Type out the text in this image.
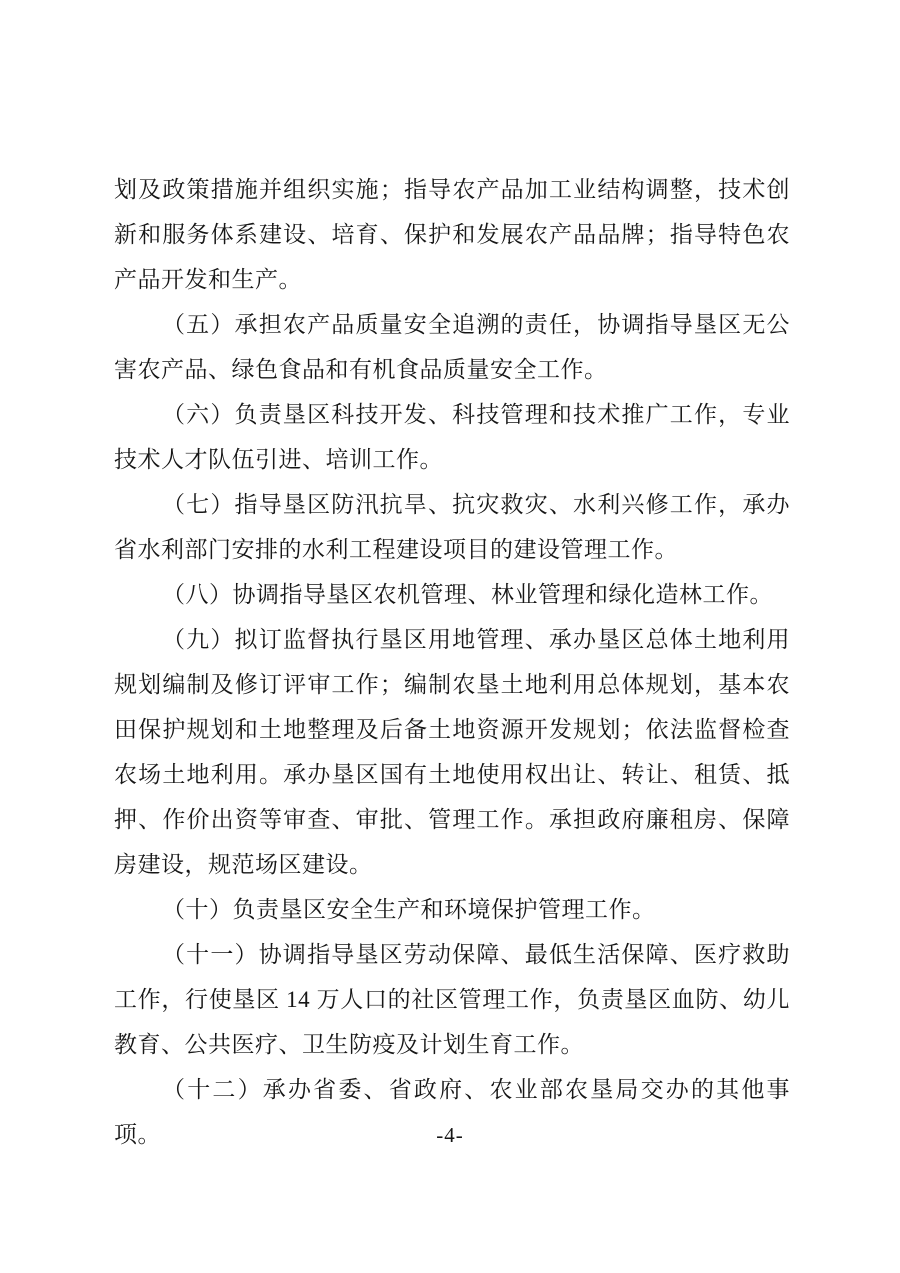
划及政策措施并组织实施；指导农产品加工业结构调整，技术创
新和服务体系建设、培育、保护和发展农产品品牌；指导特色农
产品开发和生产。
（五）承担农产品质量安全追溯的责任，协调指导垦区无公
害农产品、绿色食品和有机食品质量安全工作。
（六）负责垦区科技开发、科技管理和技术推广工作，专业
技术人才队伍引进、培训工作。
（七）指导垦区防汛抗旱、抗灾救灾、水利兴修工作，承办
省水利部门安排的水利工程建设项目的建设管理工作。
（八）协调指导垦区农机管理、林业管理和绿化造林工作。
（九）拟订监督执行垦区用地管理、承办垦区总体土地利用
规划编制及修订评审工作；编制农垦土地利用总体规划，基本农
田保护规划和土地整理及后备土地资源开发规划；依法监督检查
农场土地利用。承办垦区国有土地使用权出让、转让、租赁、抵
押、作价出资等审查、审批、管理工作。承担政府廉租房、保障
房建设，规范场区建设。
（十）负责垦区安全生产和环境保护管理工作。
（十一）协调指导垦区劳动保障、最低生活保障、医疗救助
工作，行使垦区 14 万人口的社区管理工作，负责垦区血防、幼儿
教育、公共医疗、卫生防疫及计划生育工作。
（十二）承办省委、省政府、农业部农垦局交办的其他事项。	-4-
